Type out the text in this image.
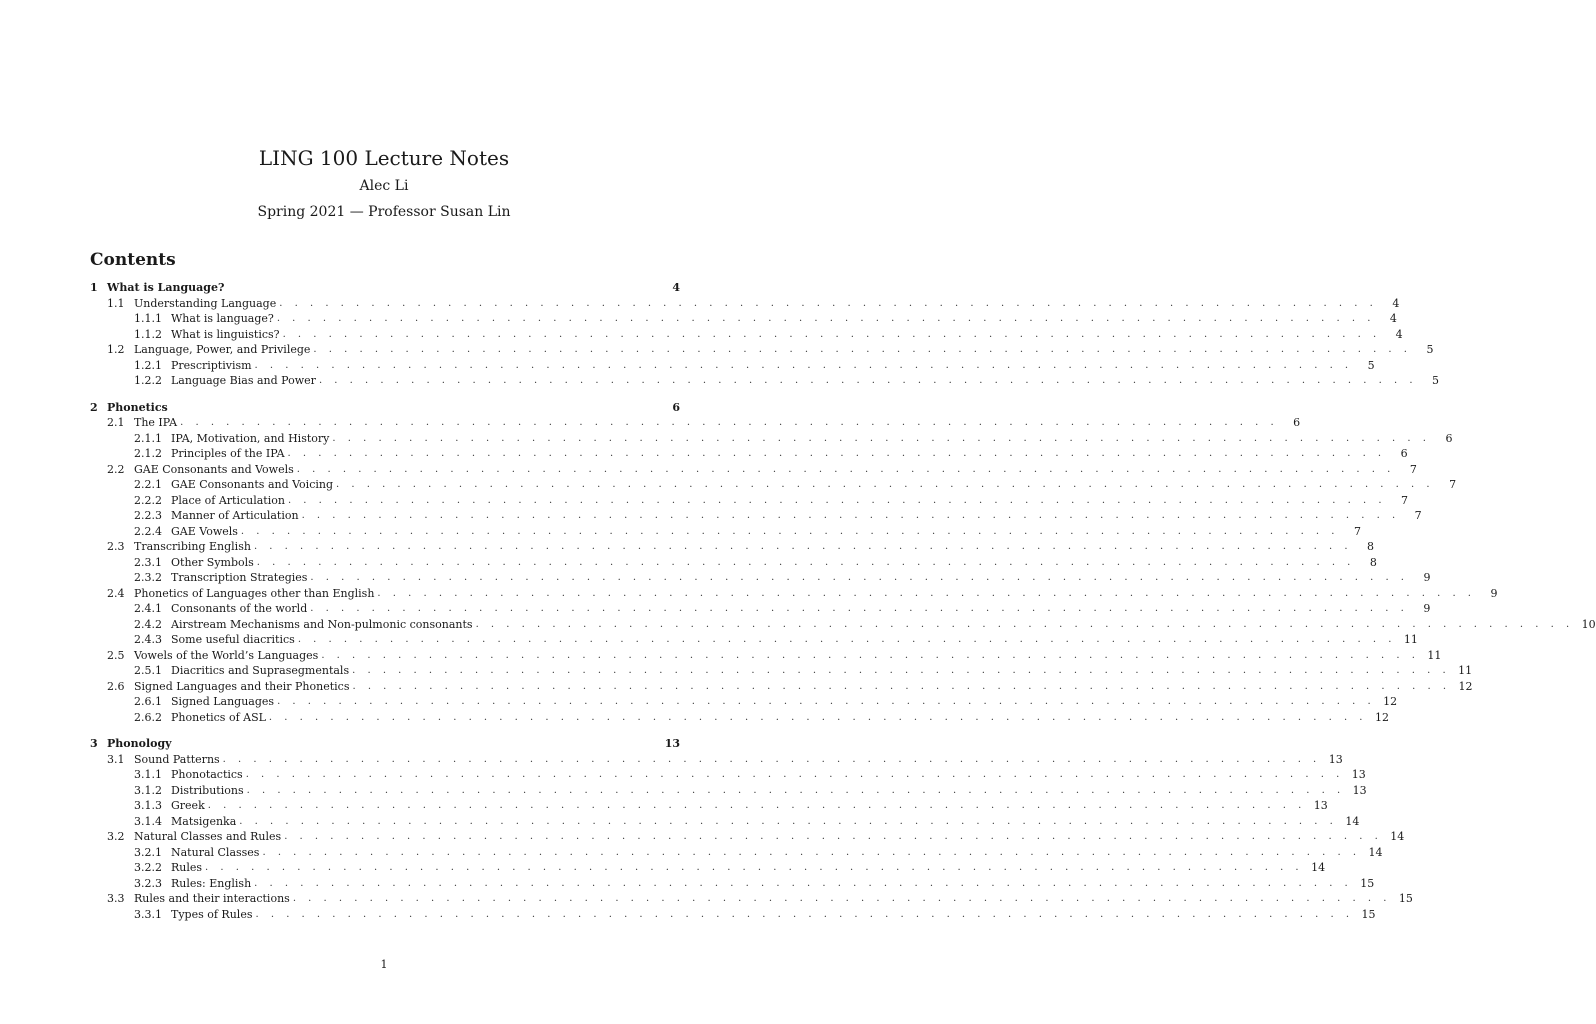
LING 100 Lecture Notes
Alec Li
Spring 2021 — Professor Susan Lin
Contents
1 What is Language?	4
1.1 Understanding Language . . . . . . . . . . . . . . . . . . . . . . . . . . . . . . . . . . . . . . . . . . . . . . . . . . . . . . . . . . . . . . . . . . . . . . . .	4
1.1.1 What is language? . . . . . . . . . . . . . . . . . . . . . . . . . . . . . . . . . . . . . . . . . . . . . . . . . . . . . . . . . . . . . . . . . . . . . . . .	4
1.1.2 What is linguistics? . . . . . . . . . . . . . . . . . . . . . . . . . . . . . . . . . . . . . . . . . . . . . . . . . . . . . . . . . . . . . . . . . . . . . . . .	4
1.2 Language, Power, and Privilege . . . . . . . . . . . . . . . . . . . . . . . . . . . . . . . . . . . . . . . . . . . . . . . . . . . . . . . . . . . . . . . . . . . . . . . .	5
1.2.1 Prescriptivism . . . . . . . . . . . . . . . . . . . . . . . . . . . . . . . . . . . . . . . . . . . . . . . . . . . . . . . . . . . . . . . . . . . . . . . .	5
1.2.2 Language Bias and Power . . . . . . . . . . . . . . . . . . . . . . . . . . . . . . . . . . . . . . . . . . . . . . . . . . . . . . . . . . . . . . . . . . . . . . . .	5
2 Phonetics	6
2.1 The IPA . . . . . . . . . . . . . . . . . . . . . . . . . . . . . . . . . . . . . . . . . . . . . . . . . . . . . . . . . . . . . . . . . . . . . . . .	6
2.1.1 IPA, Motivation, and History . . . . . . . . . . . . . . . . . . . . . . . . . . . . . . . . . . . . . . . . . . . . . . . . . . . . . . . . . . . . . . . . . . . . . . . .	6
2.1.2 Principles of the IPA . . . . . . . . . . . . . . . . . . . . . . . . . . . . . . . . . . . . . . . . . . . . . . . . . . . . . . . . . . . . . . . . . . . . . . . .	6
2.2 GAE Consonants and Vowels . . . . . . . . . . . . . . . . . . . . . . . . . . . . . . . . . . . . . . . . . . . . . . . . . . . . . . . . . . . . . . . . . . . . . . . .	7
2.2.1 GAE Consonants and Voicing . . . . . . . . . . . . . . . . . . . . . . . . . . . . . . . . . . . . . . . . . . . . . . . . . . . . . . . . . . . . . . . . . . . . . . . .	7
2.2.2 Place of Articulation . . . . . . . . . . . . . . . . . . . . . . . . . . . . . . . . . . . . . . . . . . . . . . . . . . . . . . . . . . . . . . . . . . . . . . . .	7
2.2.3 Manner of Articulation . . . . . . . . . . . . . . . . . . . . . . . . . . . . . . . . . . . . . . . . . . . . . . . . . . . . . . . . . . . . . . . . . . . . . . . .	7
2.2.4 GAE Vowels . . . . . . . . . . . . . . . . . . . . . . . . . . . . . . . . . . . . . . . . . . . . . . . . . . . . . . . . . . . . . . . . . . . . . . . .	7
2.3 Transcribing English . . . . . . . . . . . . . . . . . . . . . . . . . . . . . . . . . . . . . . . . . . . . . . . . . . . . . . . . . . . . . . . . . . . . . . . .	8
2.3.1 Other Symbols . . . . . . . . . . . . . . . . . . . . . . . . . . . . . . . . . . . . . . . . . . . . . . . . . . . . . . . . . . . . . . . . . . . . . . . .	8
2.3.2 Transcription Strategies . . . . . . . . . . . . . . . . . . . . . . . . . . . . . . . . . . . . . . . . . . . . . . . . . . . . . . . . . . . . . . . . . . . . . . . .	9
2.4 Phonetics of Languages other than English . . . . . . . . . . . . . . . . . . . . . . . . . . . . . . . . . . . . . . . . . . . . . . . . . . . . . . . . . . . . . . . . . . . . . . . .	9
2.4.1 Consonants of the world . . . . . . . . . . . . . . . . . . . . . . . . . . . . . . . . . . . . . . . . . . . . . . . . . . . . . . . . . . . . . . . . . . . . . . . .	9
2.4.2 Airstream Mechanisms and Non-pulmonic consonants . . . . . . . . . . . . . . . . . . . . . . . . . . . . . . . . . . . . . . . . . . . . . . . . . . . . . . . . . . . . . . . . . . . . . . . . 10
2.4.3 Some useful diacritics . . . . . . . . . . . . . . . . . . . . . . . . . . . . . . . . . . . . . . . . . . . . . . . . . . . . . . . . . . . . . . . . . . . . . . . . 11
2.5 Vowels of the World’s Languages . . . . . . . . . . . . . . . . . . . . . . . . . . . . . . . . . . . . . . . . . . . . . . . . . . . . . . . . . . . . . . . . . . . . . . . . 11
2.5.1 Diacritics and Suprasegmentals . . . . . . . . . . . . . . . . . . . . . . . . . . . . . . . . . . . . . . . . . . . . . . . . . . . . . . . . . . . . . . . . . . . . . . . . 11
2.6 Signed Languages and their Phonetics . . . . . . . . . . . . . . . . . . . . . . . . . . . . . . . . . . . . . . . . . . . . . . . . . . . . . . . . . . . . . . . . . . . . . . . . 12
2.6.1 Signed Languages . . . . . . . . . . . . . . . . . . . . . . . . . . . . . . . . . . . . . . . . . . . . . . . . . . . . . . . . . . . . . . . . . . . . . . . . 12
2.6.2 Phonetics of ASL . . . . . . . . . . . . . . . . . . . . . . . . . . . . . . . . . . . . . . . . . . . . . . . . . . . . . . . . . . . . . . . . . . . . . . . . 12
3 Phonology	13
3.1 Sound Patterns . . . . . . . . . . . . . . . . . . . . . . . . . . . . . . . . . . . . . . . . . . . . . . . . . . . . . . . . . . . . . . . . . . . . . . . . 13
3.1.1 Phonotactics . . . . . . . . . . . . . . . . . . . . . . . . . . . . . . . . . . . . . . . . . . . . . . . . . . . . . . . . . . . . . . . . . . . . . . . . 13
3.1.2 Distributions . . . . . . . . . . . . . . . . . . . . . . . . . . . . . . . . . . . . . . . . . . . . . . . . . . . . . . . . . . . . . . . . . . . . . . . . 13
3.1.3 Greek . . . . . . . . . . . . . . . . . . . . . . . . . . . . . . . . . . . . . . . . . . . . . . . . . . . . . . . . . . . . . . . . . . . . . . . . 13
3.1.4 Matsigenka . . . . . . . . . . . . . . . . . . . . . . . . . . . . . . . . . . . . . . . . . . . . . . . . . . . . . . . . . . . . . . . . . . . . . . . . 14
3.2 Natural Classes and Rules . . . . . . . . . . . . . . . . . . . . . . . . . . . . . . . . . . . . . . . . . . . . . . . . . . . . . . . . . . . . . . . . . . . . . . . . 14
3.2.1 Natural Classes . . . . . . . . . . . . . . . . . . . . . . . . . . . . . . . . . . . . . . . . . . . . . . . . . . . . . . . . . . . . . . . . . . . . . . . . 14
3.2.2 Rules . . . . . . . . . . . . . . . . . . . . . . . . . . . . . . . . . . . . . . . . . . . . . . . . . . . . . . . . . . . . . . . . . . . . . . . . 14
3.2.3 Rules: English . . . . . . . . . . . . . . . . . . . . . . . . . . . . . . . . . . . . . . . . . . . . . . . . . . . . . . . . . . . . . . . . . . . . . . . . 15
3.3 Rules and their interactions . . . . . . . . . . . . . . . . . . . . . . . . . . . . . . . . . . . . . . . . . . . . . . . . . . . . . . . . . . . . . . . . . . . . . . . . 15
3.3.1 Types of Rules . . . . . . . . . . . . . . . . . . . . . . . . . . . . . . . . . . . . . . . . . . . . . . . . . . . . . . . . . . . . . . . . . . . . . . . . 15
1
